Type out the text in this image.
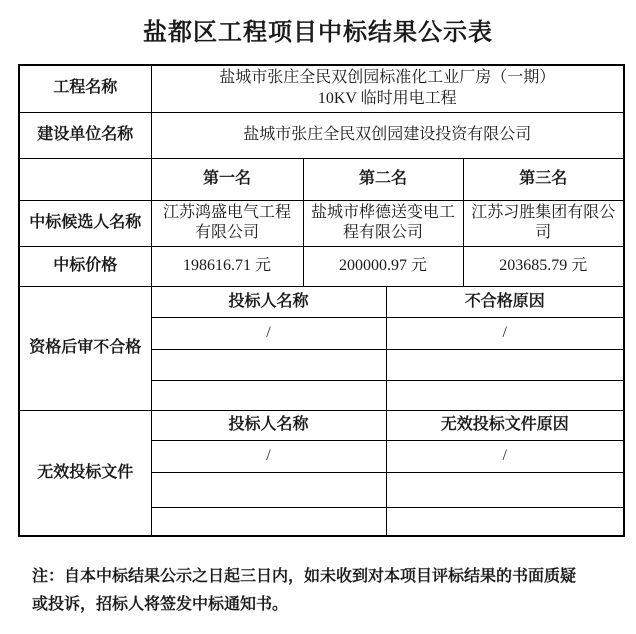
盐都区工程项目中标结果公示表
工程名称	盐城市张庄全民双创园标准化工业厂房（一期）
10KV 临时用电工程			

建设单位名称	盐城市张庄全民双创园建设投资有限公司			
	第一名	第二名		第三名
中标候选人名称	江苏鸿盛电气工程有限公司	盐城市桦德送变电工程有限公司		江苏习胜集团有限公司
中标价格	198616.71 元	200000.97 元		203685.79 元
资格后审不合格	投标人名称		不合格原因	
	/		/	

无效投标文件	投标人名称		无效投标文件原因	
	/		/	

注：自本中标结果公示之日起三日内，如未收到对本项目评标结果的书面质疑
或投诉，招标人将签发中标通知书。
